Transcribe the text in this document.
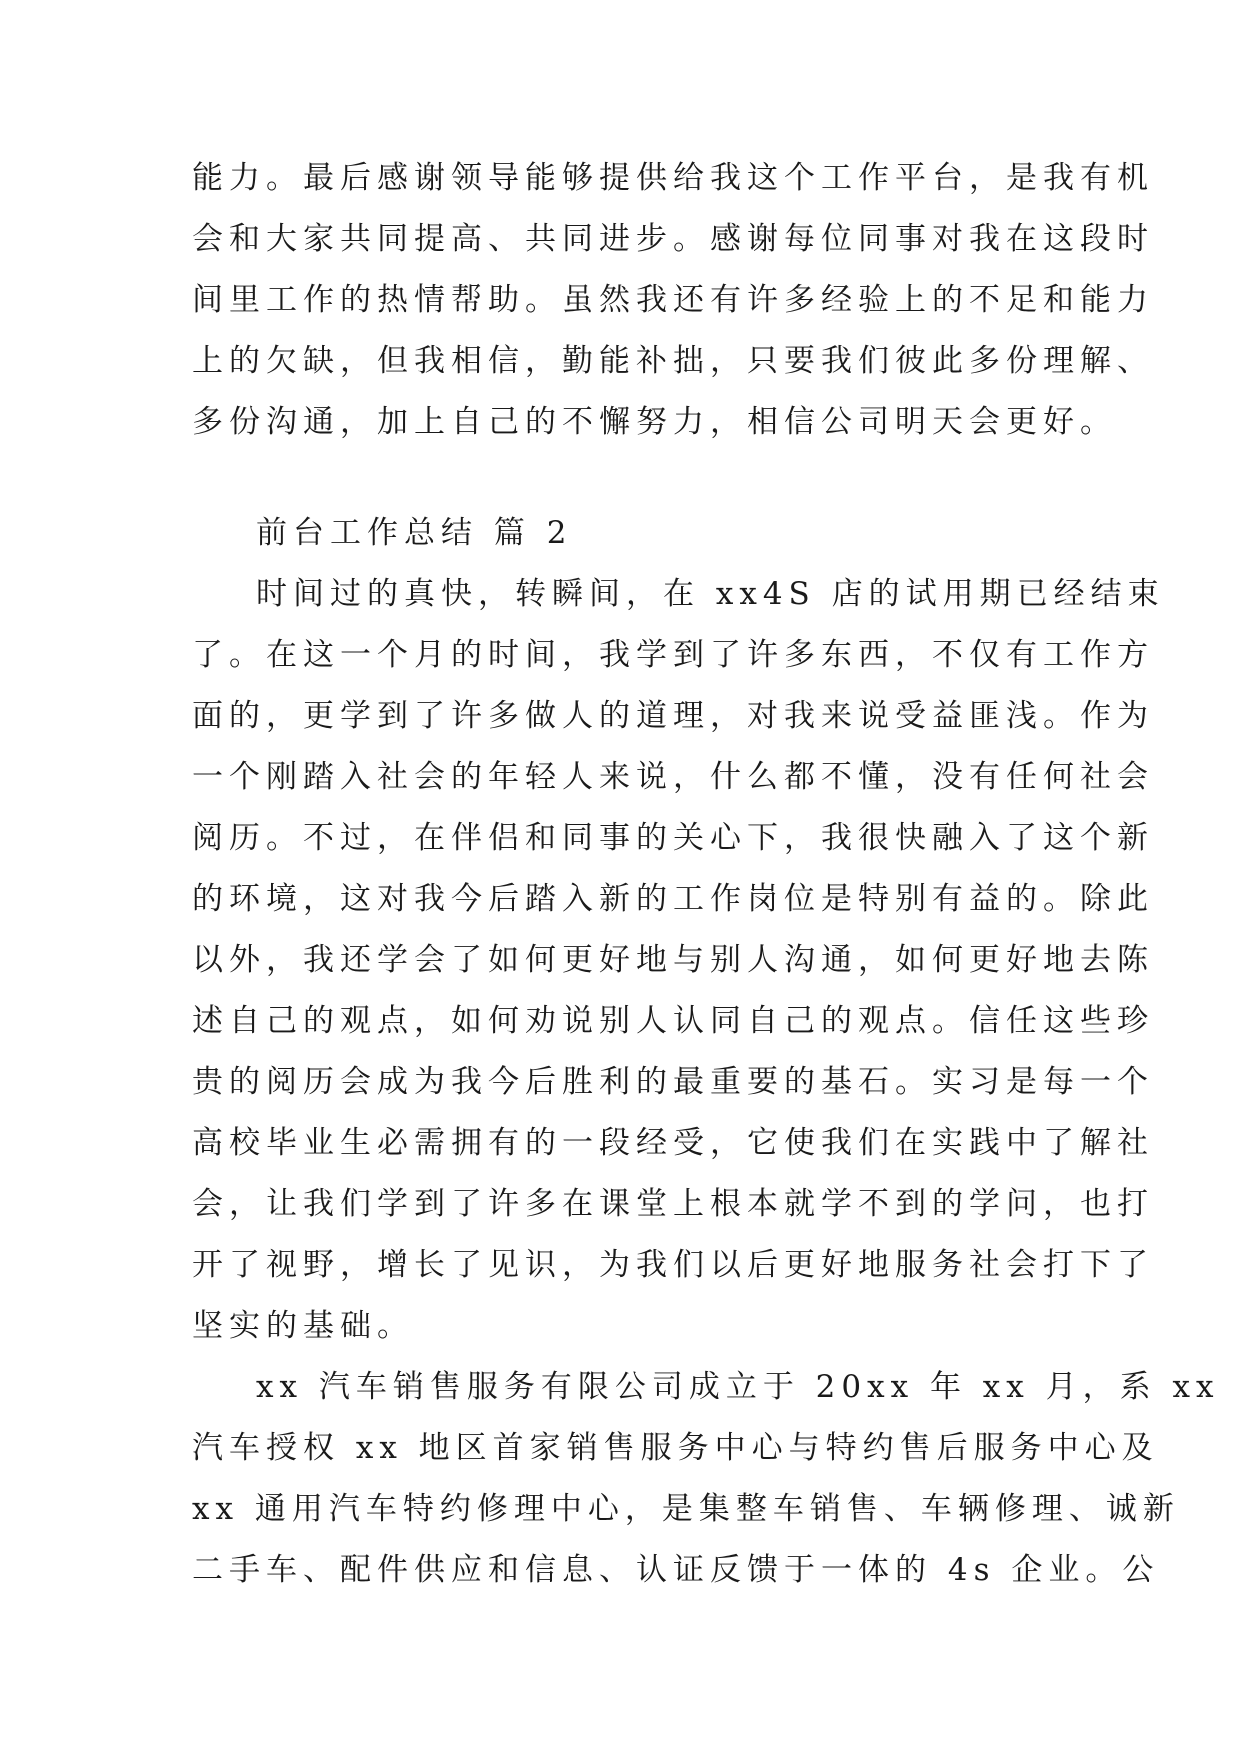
能力。最后感谢领导能够提供给我这个工作平台，是我有机
会和大家共同提高、共同进步。感谢每位同事对我在这段时
间里工作的热情帮助。虽然我还有许多经验上的不足和能力
上的欠缺，但我相信，勤能补拙，只要我们彼此多份理解、
多份沟通，加上自己的不懈努力，相信公司明天会更好。
前台工作总结 篇 2
时间过的真快，转瞬间，在 xx4S 店的试用期已经结束
了。在这一个月的时间，我学到了许多东西，不仅有工作方
面的，更学到了许多做人的道理，对我来说受益匪浅。作为
一个刚踏入社会的年轻人来说，什么都不懂，没有任何社会
阅历。不过，在伴侣和同事的关心下，我很快融入了这个新
的环境，这对我今后踏入新的工作岗位是特别有益的。除此
以外，我还学会了如何更好地与别人沟通，如何更好地去陈
述自己的观点，如何劝说别人认同自己的观点。信任这些珍
贵的阅历会成为我今后胜利的最重要的基石。实习是每一个
高校毕业生必需拥有的一段经受，它使我们在实践中了解社
会，让我们学到了许多在课堂上根本就学不到的学问，也打
开了视野，增长了见识，为我们以后更好地服务社会打下了
坚实的基础。
xx 汽车销售服务有限公司成立于 20xx 年 xx 月，系 xx
汽车授权 xx 地区首家销售服务中心与特约售后服务中心及
xx 通用汽车特约修理中心，是集整车销售、车辆修理、诚新
二手车、配件供应和信息、认证反馈于一体的 4s 企业。公
